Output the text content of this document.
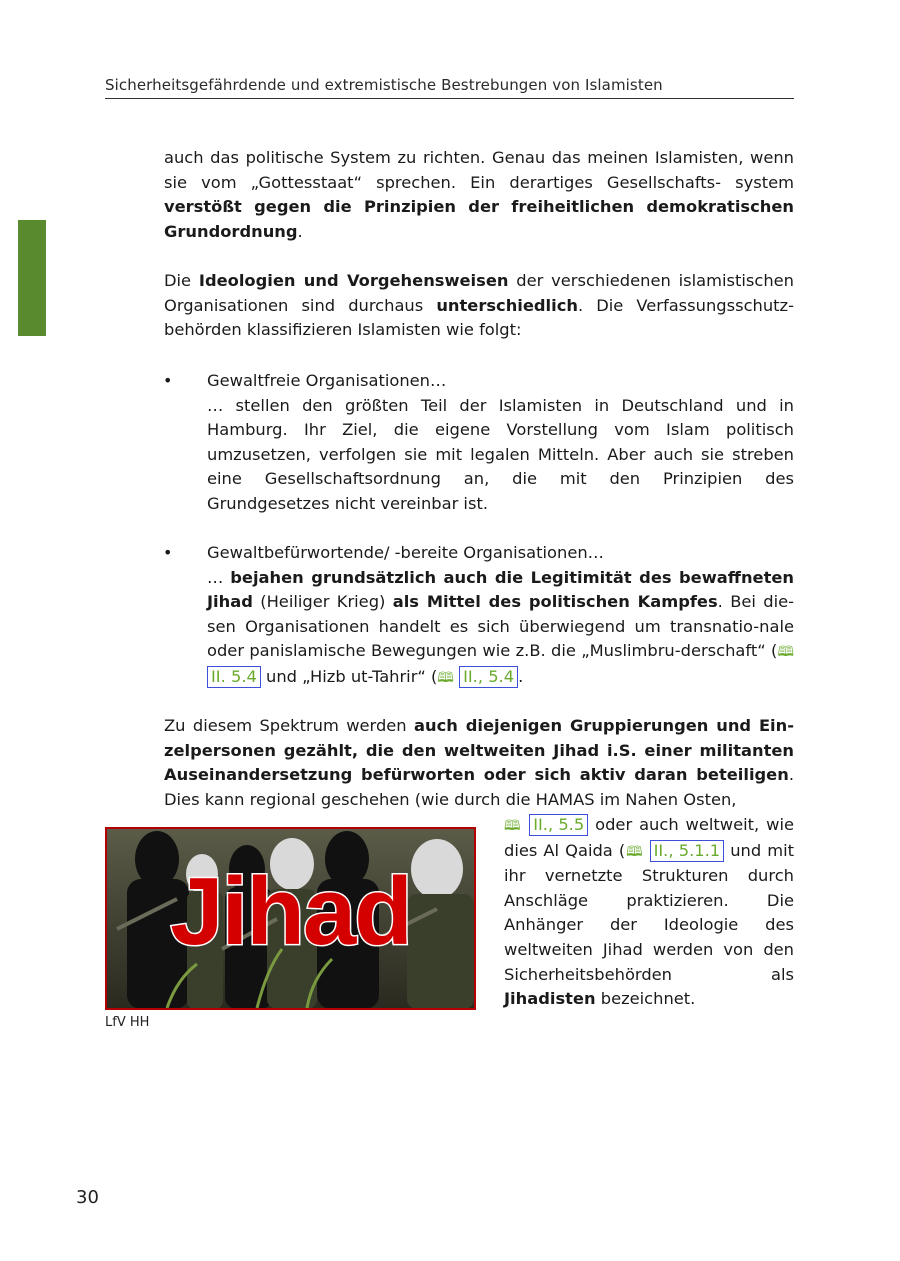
Sicherheitsgefährdende und extremistische Bestrebungen von Islamisten
auch das politische System zu richten. Genau das meinen Islamisten, wenn sie vom „Gottesstaat“ sprechen. Ein derartiges Gesellschafts- system verstößt gegen die Prinzipien der freiheitlichen demokratischen Grundordnung.
Die Ideologien und Vorgehensweisen der verschiedenen islamistischen Organisationen sind durchaus unterschiedlich. Die Verfassungsschutz-behörden klassifizieren Islamisten wie folgt:
• Gewaltfreie Organisationen…
… stellen den größten Teil der Islamisten in Deutschland und in Hamburg. Ihr Ziel, die eigene Vorstellung vom Islam politisch umzusetzen, verfolgen sie mit legalen Mitteln. Aber auch sie streben eine Gesellschaftsordnung an, die mit den Prinzipien des Grundgesetzes nicht vereinbar ist.
• Gewaltbefürwortende/ -bereite Organisationen…
… bejahen grundsätzlich auch die Legitimität des bewaffneten Jihad (Heiliger Krieg) als Mittel des politischen Kampfes. Bei die-sen Organisationen handelt es sich überwiegend um transnatio-nale oder panislamische Bewegungen wie z.B. die „Muslimbru-derschaft“ (🕮 II. 5.4 und „Hizb ut-Tahrir“ (🕮 II., 5.4 .
Zu diesem Spektrum werden auch diejenigen Gruppierungen und Ein-zelpersonen gezählt, die den weltweiten Jihad i.S. einer militanten Auseinandersetzung befürworten oder sich aktiv daran beteiligen. Dies kann regional geschehen (wie durch die HAMAS im Nahen Osten,
🕮 II., 5.5 oder auch weltweit, wie dies Al Qaida (🕮 II., 5.1.1 und mit ihr vernetzte Strukturen durch Anschläge praktizieren. Die Anhänger der Ideologie des weltweiten Jihad werden von den Sicherheitsbehörden als Jihadisten bezeichnet.
Jihad
LfV HH
30
